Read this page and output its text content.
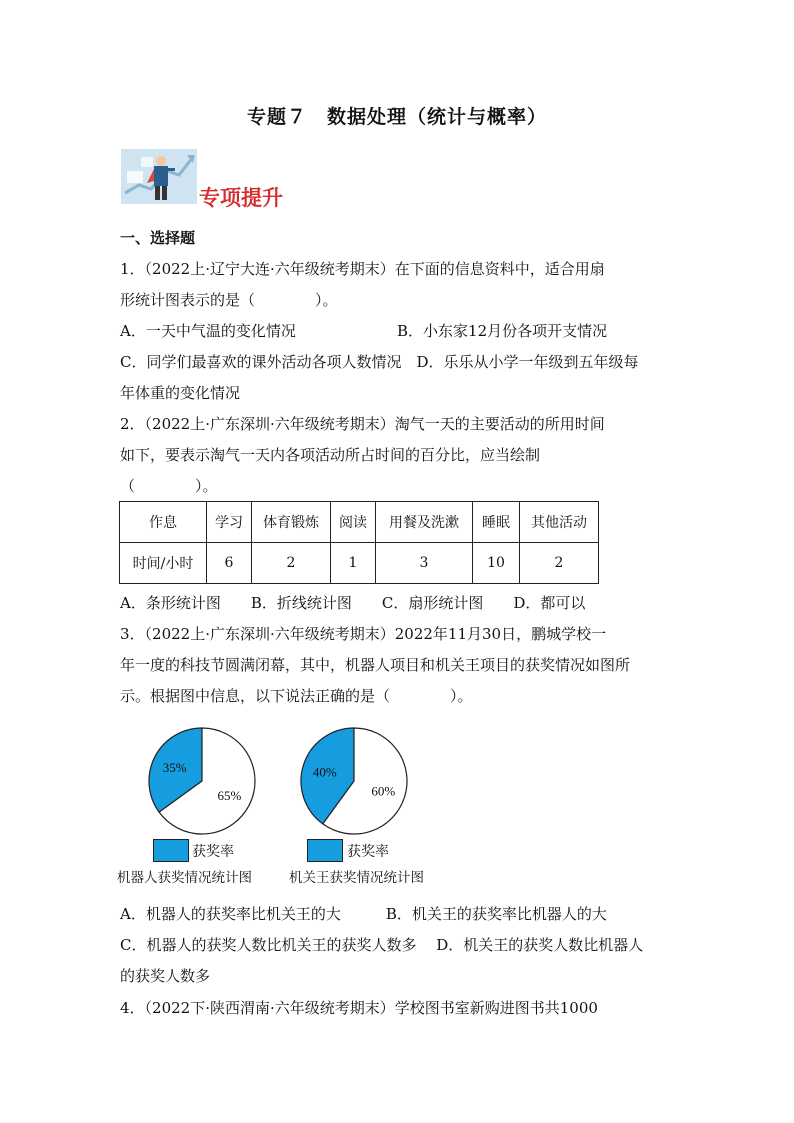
专题７　数据处理（统计与概率）
专项提升
一、选择题
1．（2022上·辽宁大连·六年级统考期末）在下面的信息资料中，适合用扇
形统计图表示的是（　　　　）。
A．一天中气温的变化情况	B．小东家12月份各项开支情况
C．同学们最喜欢的课外活动各项人数情况　D．乐乐从小学一年级到五年级每
年体重的变化情况
2．（2022上·广东深圳·六年级统考期末）淘气一天的主要活动的所用时间
如下，要表示淘气一天内各项活动所占时间的百分比，应当绘制
（　　　　）。
作息	学习	体育锻炼	阅读	用餐及洗漱	睡眠	其他活动
时间/小时	6	2	1	3	10	2
A．条形统计图　　B．折线统计图　　C．扇形统计图　　D．都可以
3．（2022上·广东深圳·六年级统考期末）2022年11月30日，鹏城学校一
年一度的科技节圆满闭幕，其中，机器人项目和机关王项目的获奖情况如图所
示。根据图中信息，以下说法正确的是（　　　　）。
35%
65%
获奖率
机器人获奖情况统计图
40%
60%
获奖率
机关王获奖情况统计图
A．机器人的获奖率比机关王的大　　　B．机关王的获奖率比机器人的大
C．机器人的获奖人数比机关王的获奖人数多　 D．机关王的获奖人数比机器人
的获奖人数多
4．（2022下·陕西渭南·六年级统考期末）学校图书室新购进图书共1000
